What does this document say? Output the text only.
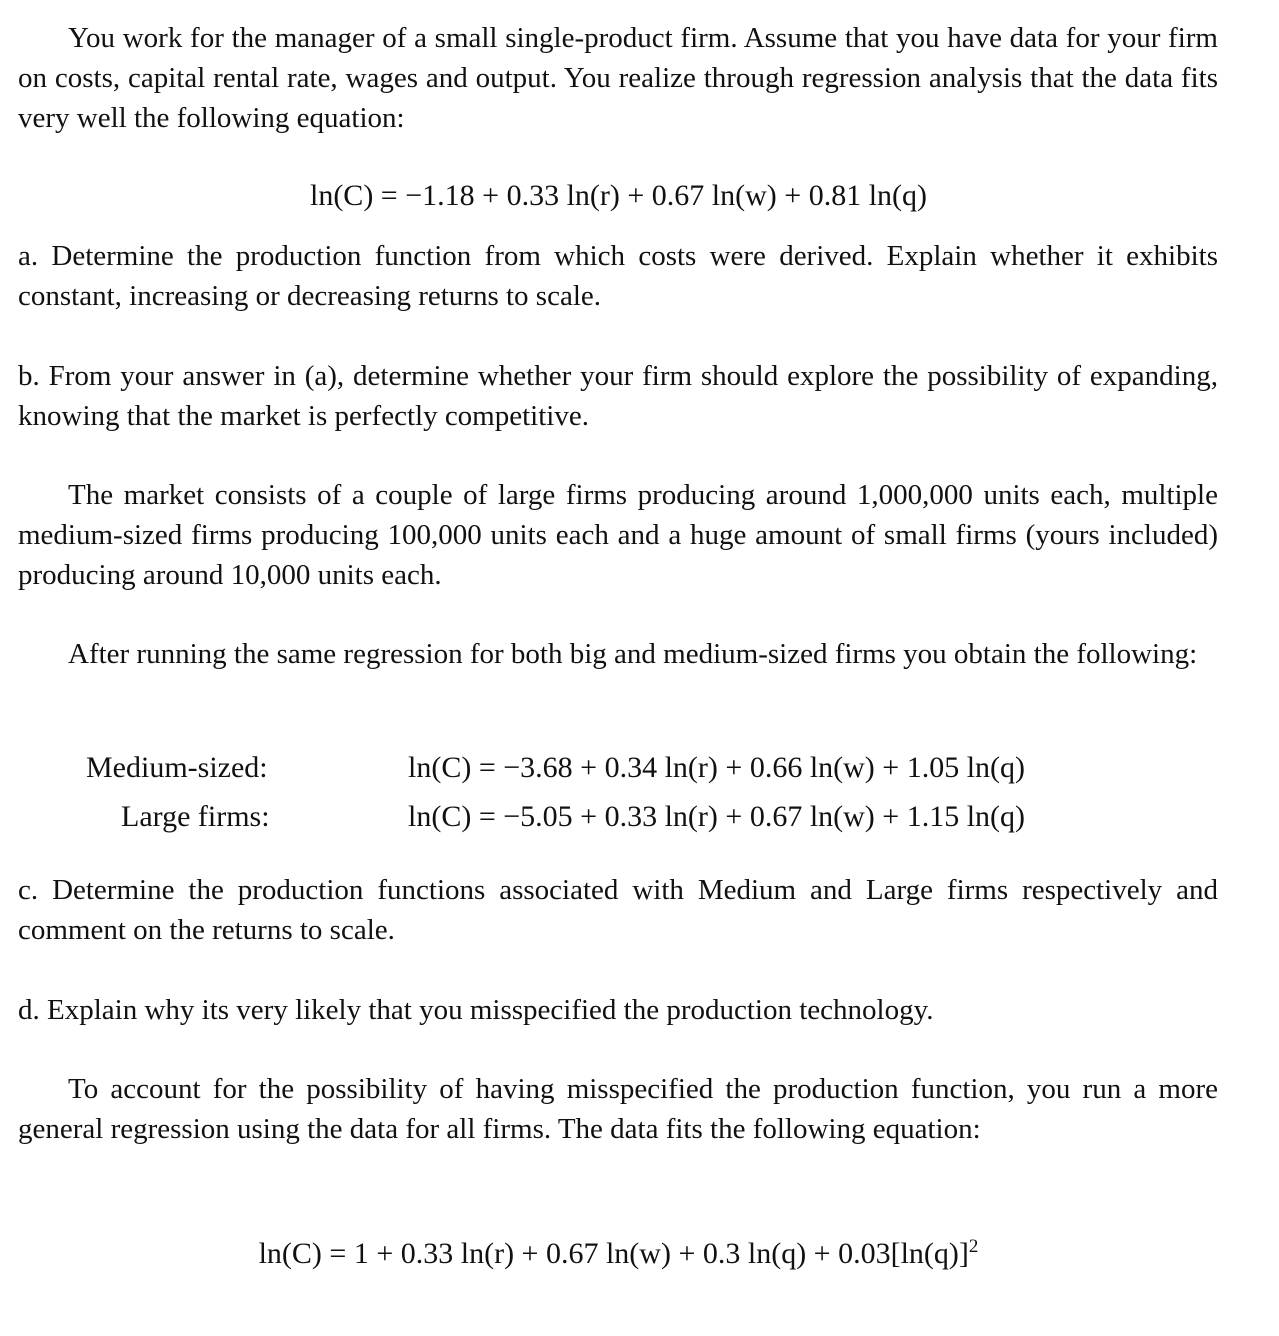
You work for the manager of a small single-product firm. Assume that you have data for your firm on costs, capital rental rate, wages and output. You realize through regression analysis that the data fits very well the following equation:

ln(C) = −1.18 + 0.33 ln(r) + 0.67 ln(w) + 0.81 ln(q)

a. Determine the production function from which costs were derived. Explain whether it exhibits constant, increasing or decreasing returns to scale.

b. From your answer in (a), determine whether your firm should explore the possibility of expanding, knowing that the market is perfectly competitive.

The market consists of a couple of large firms producing around 1,000,000 units each, multiple medium-sized firms producing 100,000 units each and a huge amount of small firms (yours included) producing around 10,000 units each.

After running the same regression for both big and medium-sized firms you obtain the following:

Medium-sized:	ln(C) = −3.68 + 0.34 ln(r) + 0.66 ln(w) + 1.05 ln(q)
Large firms:	ln(C) = −5.05 + 0.33 ln(r) + 0.67 ln(w) + 1.15 ln(q)

c. Determine the production functions associated with Medium and Large firms respectively and comment on the returns to scale.

d. Explain why its very likely that you misspecified the production technology.

To account for the possibility of having misspecified the production function, you run a more general regression using the data for all firms. The data fits the following equation:

ln(C) = 1 + 0.33 ln(r) + 0.67 ln(w) + 0.3 $\ln(q) + 0.03[\ln(q)]^2$
